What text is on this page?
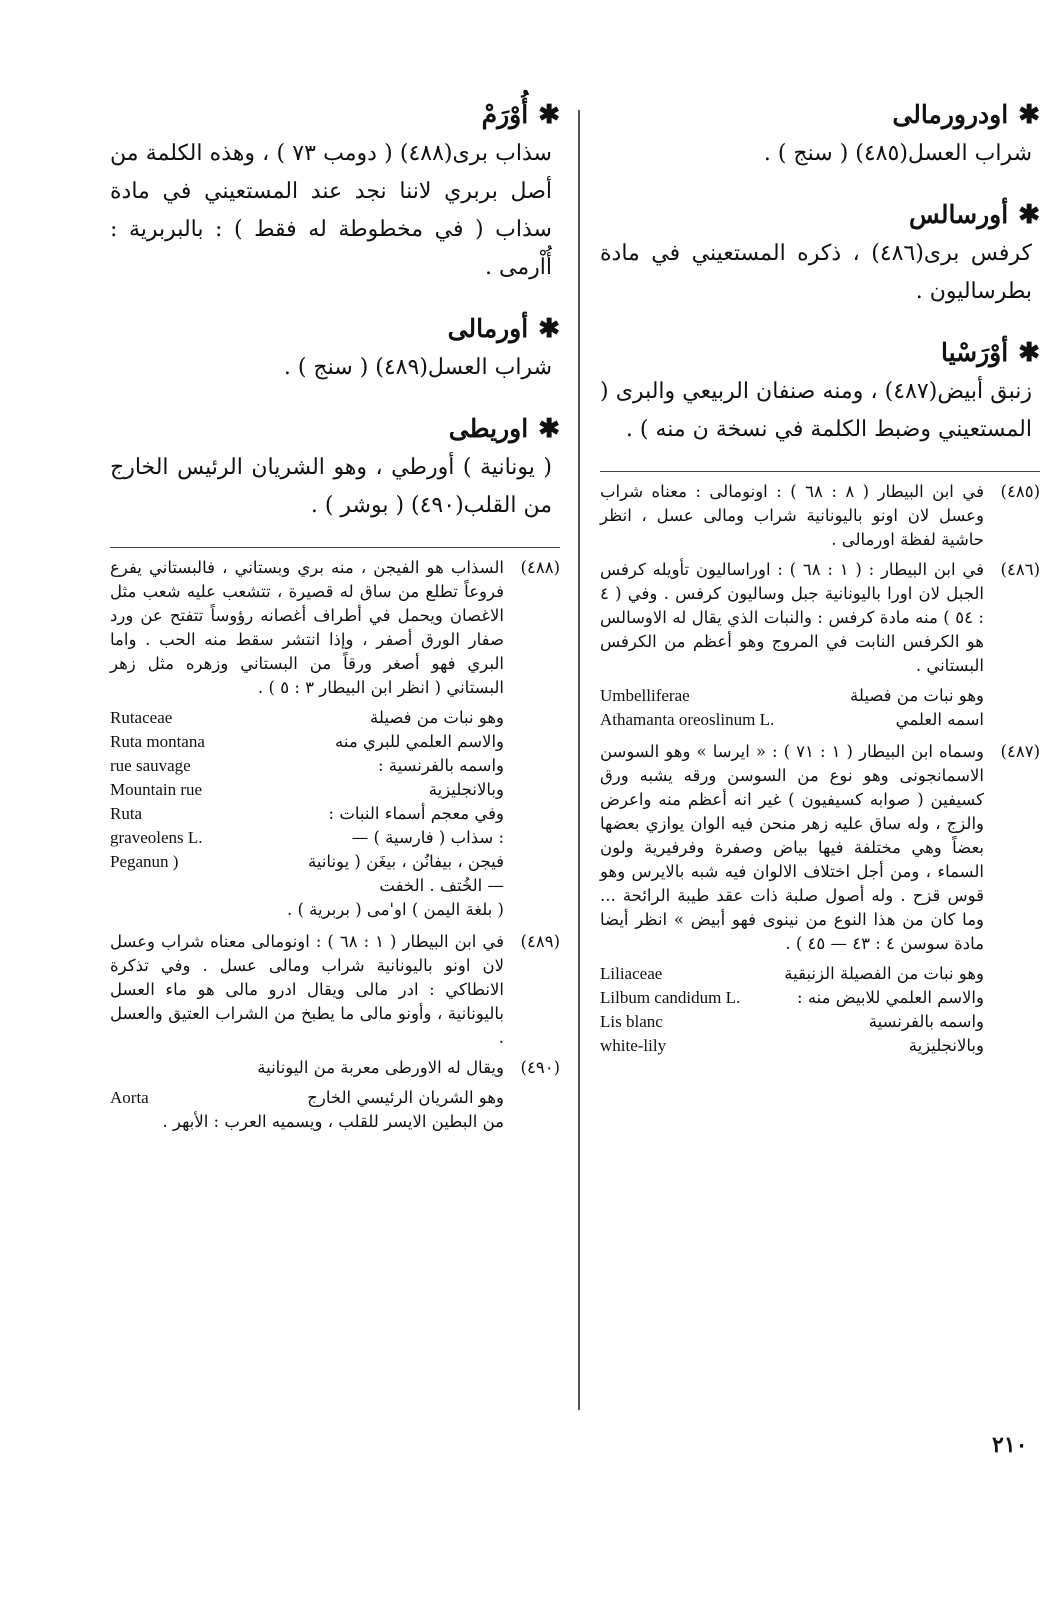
✱اودرورمالى
شراب العسل(٤٨٥) ( سنج ) .
✱أورسالس
كرفس برى(٤٨٦) ، ذكره المستعيني في مادة بطرساليون .
✱أوْرَسْيا
زنبق أبيض(٤٨٧) ، ومنه صنفان الربيعي والبرى ( المستعيني وضبط الكلمة في نسخة ن منه ) .
(٤٨٥)
في ابن البيطار ( ٨ : ٦٨ ) : اونومالى : معناه شراب وعسل لان اونو باليونانية شراب ومالى عسل ، انظر حاشية لفظة اورمالى .
(٤٨٦)
في ابن البيطار : ( ١ : ٦٨ ) : اوراساليون تأويله كرفس الجبل لان اورا باليونانية جبل وساليون كرفس . وفي ( ٤ : ٥٤ ) منه مادة كرفس : والنبات الذي يقال له الاوسالس هو الكرفس النابت في المروج وهو أعظم من الكرفس البستاني .
وهو نبات من فصيلة
Umbelliferae
اسمه العلمي
Athamanta oreoslinum L.
(٤٨٧)
وسماه ابن البيطار ( ١ : ٧١ ) : « ايرسا » وهو السوسن الاسمانجونى وهو نوع من السوسن ورقه يشبه ورق كسيفين ( صوابه كسيفيون ) غير انه أعظم منه واعرض والزج ، وله ساق عليه زهر منحن فيه الوان يوازي بعضها بعضاً وهي مختلفة فيها بياض وصفرة وفرفيرية ولون السماء ، ومن أجل اختلاف الالوان فيه شبه بالايرس وهو قوس قزح . وله أصول صلبة ذات عقد طيبة الرائحة ... وما كان من هذا النوع من نينوى فهو أبيض » انظر أيضا مادة سوسن ٤ : ٤٣ — ٤٥ ) .
وهو نبات من الفصيلة الزنبقية
Liliaceae
والاسم العلمي للابيض منه :
Lilbum candidum L.
واسمه بالفرنسية
Lis blanc
وبالانجليزية
white-lily
✱أُوْرَمْ
سذاب برى(٤٨٨) ( دومب ٧٣ ) ، وهذه الكلمة من أصل بربري لاننا نجد عند المستعيني في مادة سذاب ( في مخطوطة له فقط ) : بالبربرية : أُاْرمى .
✱أورمالى
شراب العسل(٤٨٩) ( سنج ) .
✱اوريطى
( يونانية ) أورطي ، وهو الشريان الرئيس الخارج من القلب(٤٩٠) ( بوشر ) .
(٤٨٨)
السذاب هو الفيجن ، منه بري وبستاني ، فالبستاني يفرع فروعاً تطلع من ساق له قصيرة ، تتشعب عليه شعب مثل الاغصان ويحمل في أطراف أغصانه رؤوساً تتفتح عن ورد صفار الورق أصفر ، وإذا انتشر سقط منه الحب . واما البري فهو أصغر ورقاً من البستاني وزهره مثل زهر البستاني ( انظر ابن البيطار ٣ : ٥ ) .
وهو نبات من فصيلة
Rutaceae
والاسم العلمي للبري منه
Ruta montana
واسمه بالفرنسية :
rue sauvage
وبالانجليزية
Mountain rue
وفي معجم أسماء النبات :
Ruta
: سذاب ( فارسية ) —
graveolens L.
فيجن ، بيفانُن ، بيغَن ( يونانية
Peganun )
— الخُتف . الخفت
( بلغة اليمن ) او'مى ( بربرية ) .
(٤٨٩)
في ابن البيطار ( ١ : ٦٨ ) : اونومالى معناه شراب وعسل لان اونو باليونانية شراب ومالى عسل . وفي تذكرة الانطاكي : ادر مالى ويقال ادرو مالى هو ماء العسل باليونانية ، وأونو مالى ما يطبخ من الشراب العتيق والعسل .
(٤٩٠)
ويقال له الاورطى معربة من اليونانية
وهو الشريان الرئيسي الخارج
Aorta
من البطين الايسر للقلب ، ويسميه العرب : الأبهر .
٢١٠
